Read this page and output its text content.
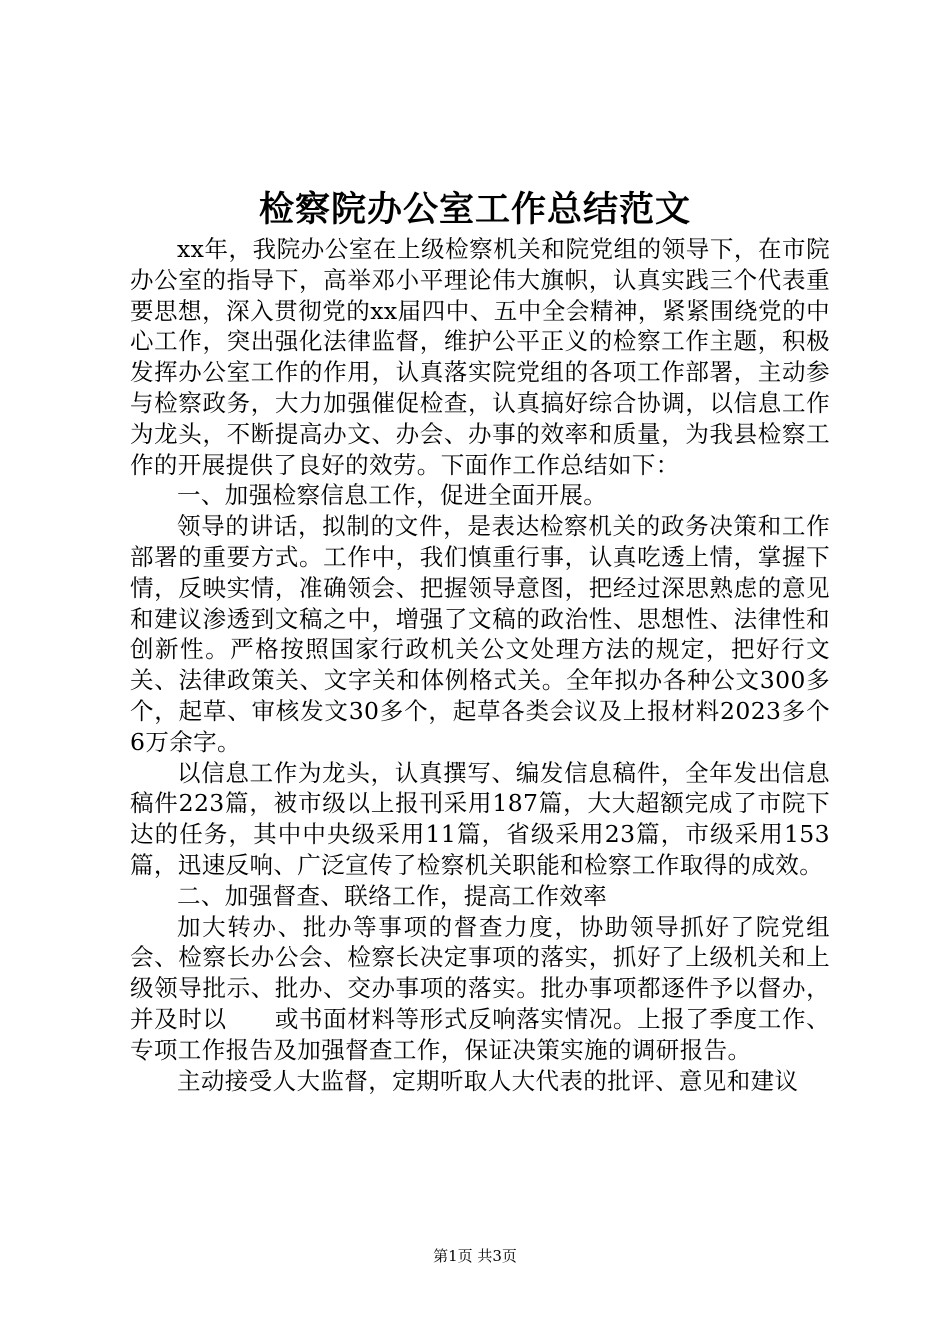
检察院办公室工作总结范文

xx年，我院办公室在上级检察机关和院党组的领导下，在市院办公室的指导下，高举邓小平理论伟大旗帜，认真实践三个代表重要思想，深入贯彻党的xx届四中、五中全会精神，紧紧围绕党的中心工作，突出强化法律监督，维护公平正义的检察工作主题，积极发挥办公室工作的作用，认真落实院党组的各项工作部署，主动参与检察政务，大力加强催促检查，认真搞好综合协调，以信息工作为龙头，不断提高办文、办会、办事的效率和质量，为我县检察工作的开展提供了良好的效劳。下面作工作总结如下：

一、加强检察信息工作，促进全面开展。

领导的讲话，拟制的文件，是表达检察机关的政务决策和工作部署的重要方式。工作中，我们慎重行事，认真吃透上情，掌握下情，反映实情，准确领会、把握领导意图，把经过深思熟虑的意见和建议渗透到文稿之中，增强了文稿的政治性、思想性、法律性和创新性。严格按照国家行政机关公文处理方法的规定，把好行文关、法律政策关、文字关和体例格式关。全年拟办各种公文300多个，起草、审核发文30多个，起草各类会议及上报材料2023多个6万余字。

以信息工作为龙头，认真撰写、编发信息稿件，全年发出信息稿件223篇，被市级以上报刊采用187篇，大大超额完成了市院下达的任务，其中中央级采用11篇，省级采用23篇，市级采用153篇，迅速反响、广泛宣传了检察机关职能和检察工作取得的成效。

二、加强督查、联络工作，提高工作效率

加大转办、批办等事项的督查力度，协助领导抓好了院党组会、检察长办公会、检察长决定事项的落实，抓好了上级机关和上级领导批示、批办、交办事项的落实。批办事项都逐件予以督办，并及时以　　或书面材料等形式反响落实情况。上报了季度工作、专项工作报告及加强督查工作，保证决策实施的调研报告。

主动接受人大监督，定期听取人大代表的批评、意见和建议

第1页 共3页
